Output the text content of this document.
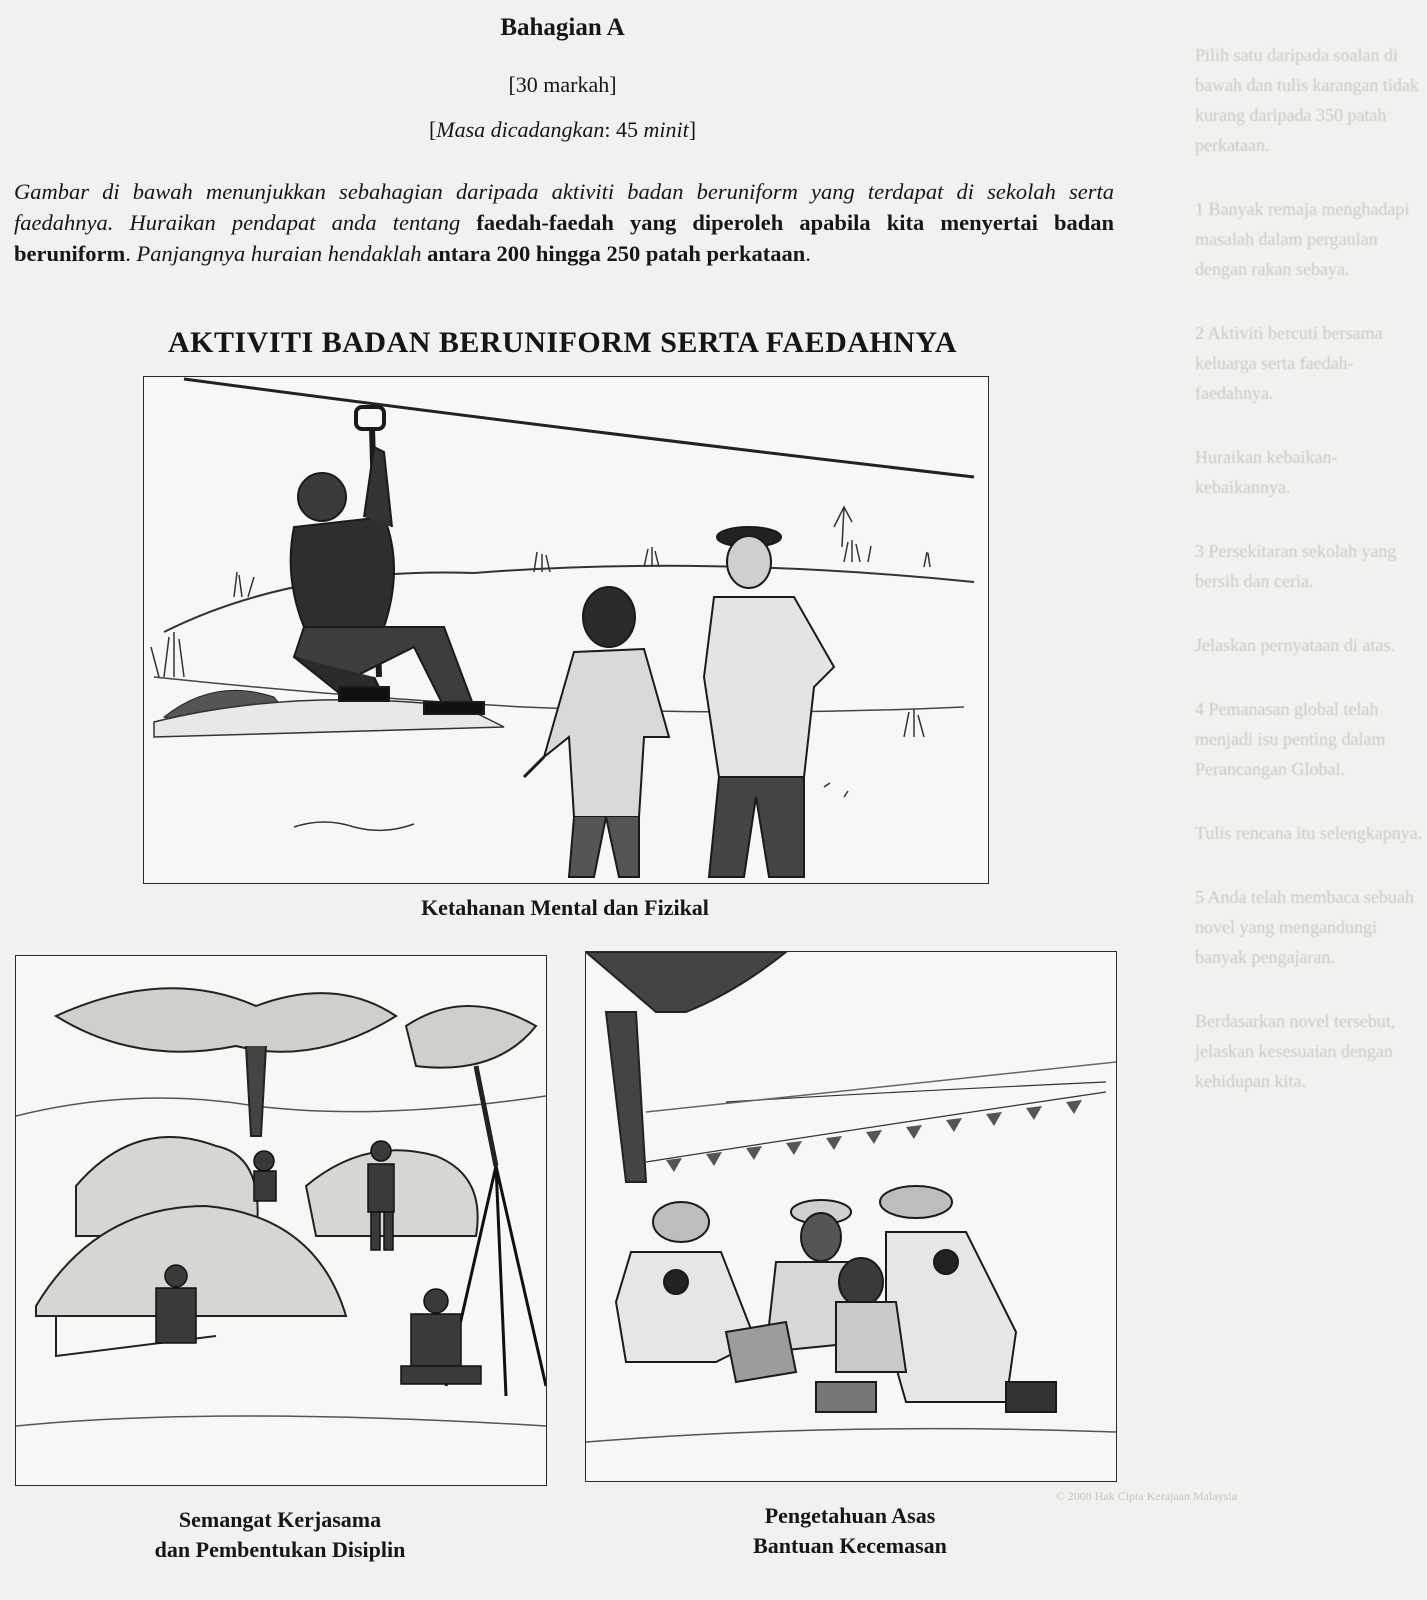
Pilih satu daripada soalan di bawah dan tulis karangan tidak kurang daripada 350 patah perkataan.

1 Banyak remaja menghadapi masalah dalam pergaulan dengan rakan sebaya.

2 Aktiviti bercuti bersama keluarga serta faedah-faedahnya.

Huraikan kebaikan-kebaikannya.

3 Persekitaran sekolah yang bersih dan ceria.

Jelaskan pernyataan di atas.

4 Pemanasan global telah menjadi isu penting dalam Perancangan Global.

Tulis rencana itu selengkapnya.

5 Anda telah membaca sebuah novel yang mengandungi banyak pengajaran.

Berdasarkan novel tersebut, jelaskan kesesuaian dengan kehidupan kita.

© 2008 Hak Cipta Kerajaan Malaysia
Bahagian A
[30 markah]
[Masa dicadangkan: 45 minit]
Gambar di bawah menunjukkan sebahagian daripada aktiviti badan beruniform yang terdapat di sekolah serta faedahnya. Huraikan pendapat anda tentang faedah-faedah yang diperoleh apabila kita menyertai badan beruniform. Panjangnya huraian hendaklah antara 200 hingga 250 patah perkataan.
AKTIVITI BADAN BERUNIFORM SERTA FAEDAHNYA
Ketahanan Mental dan Fizikal
Semangat Kerjasama
dan Pembentukan Disiplin
Pengetahuan Asas
Bantuan Kecemasan
